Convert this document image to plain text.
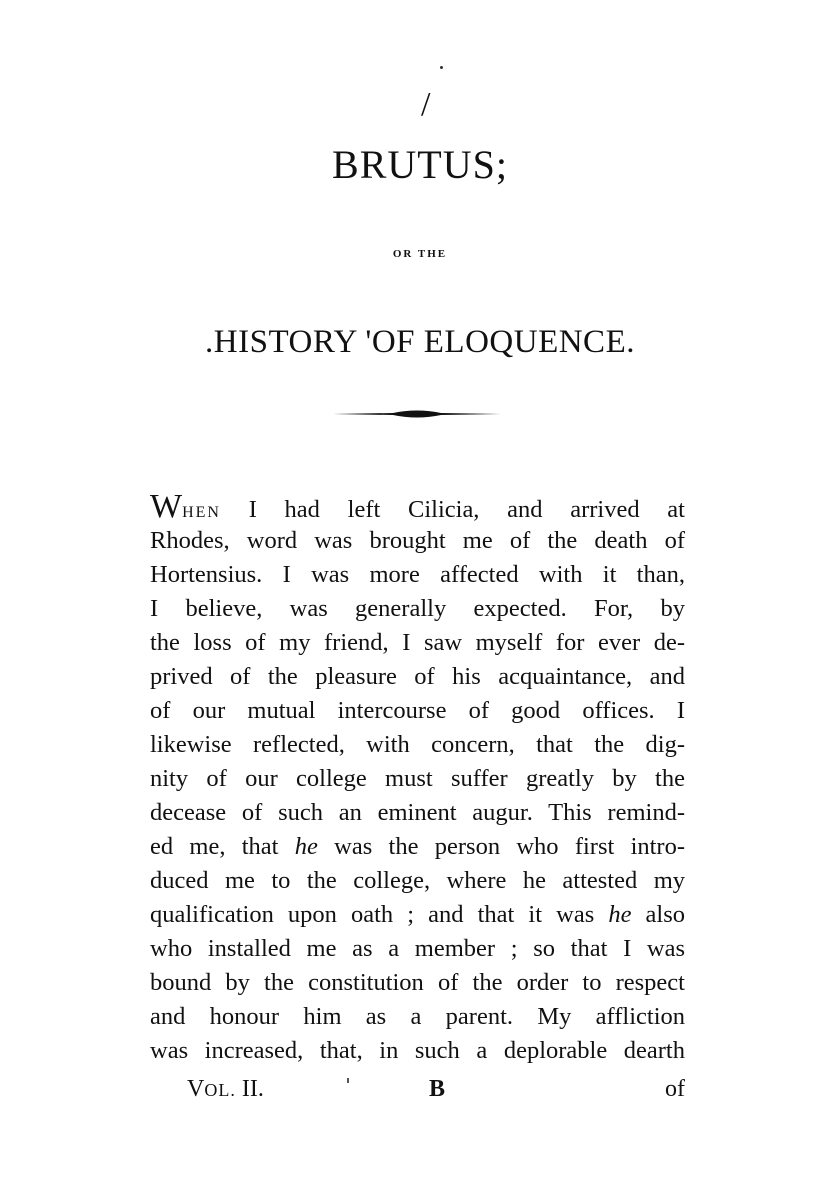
/
BRUTUS;
OR THE
.HISTORY 'OF ELOQUENCE.
WHEN I had left Cilicia, and arrived at
Rhodes, word was brought me of the death of
Hortensius. I was more affected with it than,
I believe, was generally expected. For, by
the loss of my friend, I saw myself for ever de-
prived of the pleasure of his acquaintance, and
of our mutual intercourse of good offices. I
likewise reflected, with concern, that the dig-
nity of our college must suffer greatly by the
decease of such an eminent augur. This remind-
ed me, that he was the person who first intro-
duced me to the college, where he attested my
qualification upon oath ; and that it was he also
who installed me as a member ; so that I was
bound by the constitution of the order to respect
and honour him as a parent. My affliction
was increased, that, in such a deplorable dearth
VOL. II.	B	of
